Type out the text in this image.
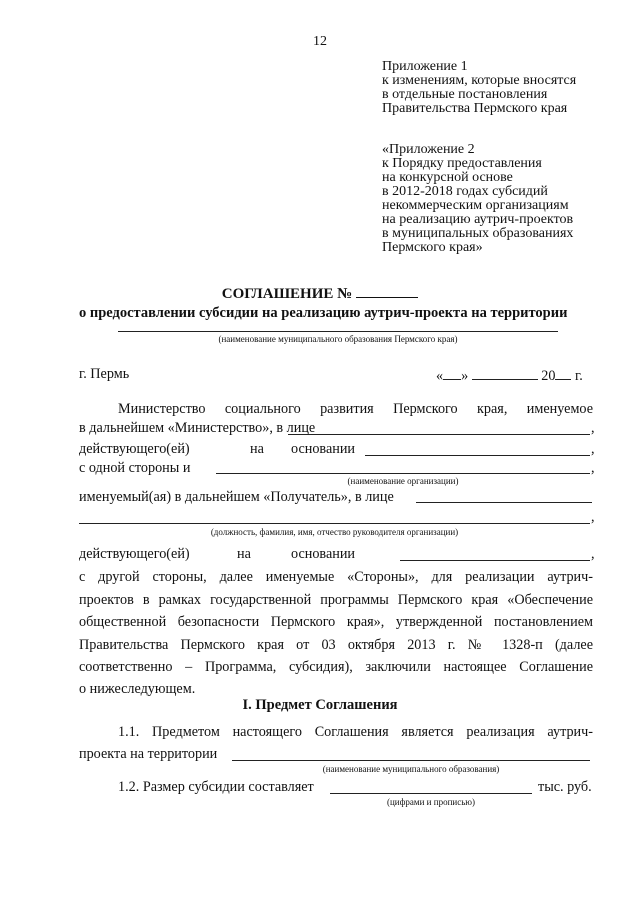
12
Приложение 1
к изменениям, которые вносятся
в отдельные постановления
Правительства Пермского края
«Приложение 2
к Порядку предоставления
на конкурсной основе
в 2012-2018 годах субсидий
некоммерческим организациям
на реализацию аутрич-проектов
в муниципальных образованиях
Пермского края»
СОГЛАШЕНИЕ №
о предоставлении субсидии на реализацию аутрич-проекта на территории
(наименование муниципального образования Пермского края)
г. Пермь	« »	20 г.
Министерство социального развития Пермского края, именуемое
в дальнейшем «Министерство», в лице	,
действующего(ей)	на основании	,
с одной стороны и	,
(наименование организации)
именуемый(ая) в дальнейшем «Получатель», в лице
,
(должность, фамилия, имя, отчество руководителя организации)
действующего(ей)	на	основании	,
с другой стороны, далее именуемые «Стороны», для реализации аутрич-
проектов в рамках государственной программы Пермского края «Обеспечение
общественной безопасности Пермского края», утвержденной постановлением
Правительства Пермского края от 03 октября 2013 г. № 1328-п (далее
соответственно – Программа, субсидия), заключили настоящее Соглашение
о нижеследующем.
I. Предмет Соглашения
1.1. Предметом настоящего Соглашения является реализация аутрич-
проекта на территории
(наименование муниципального образования)
1.2. Размер субсидии составляет	тыс. руб.
(цифрами и прописью)
